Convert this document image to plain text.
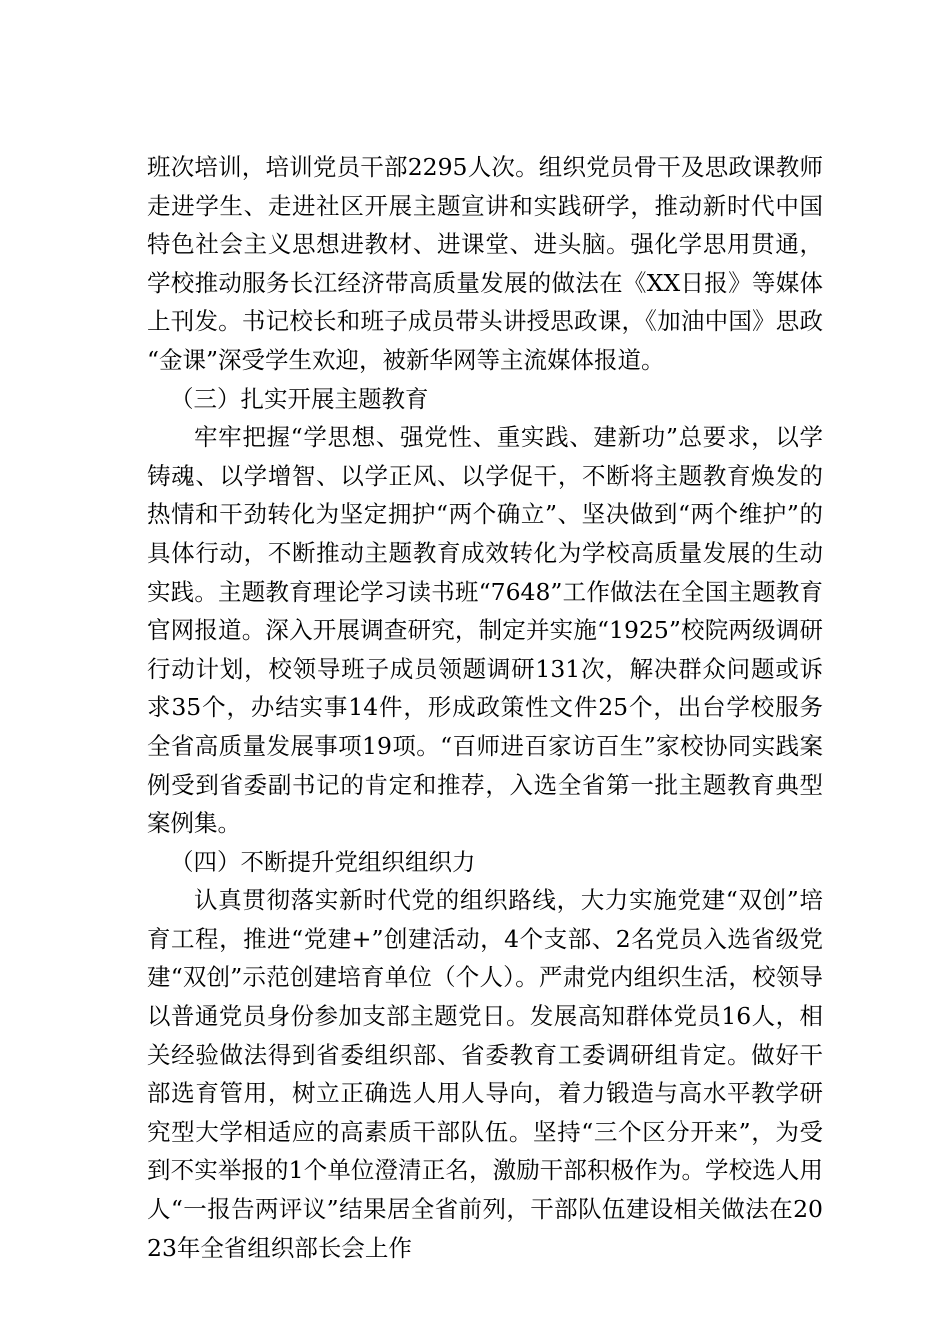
班次培训，培训党员干部2295人次。组织党员骨干及思政课教师走进学生、走进社区开展主题宣讲和实践研学，推动新时代中国特色社会主义思想进教材、进课堂、进头脑。强化学思用贯通，学校推动服务长江经济带高质量发展的做法在《XX日报》等媒体上刊发。书记校长和班子成员带头讲授思政课，《加油中国》思政“金课”深受学生欢迎，被新华网等主流媒体报道。

（三）扎实开展主题教育

牢牢把握“学思想、强党性、重实践、建新功”总要求，以学铸魂、以学增智、以学正风、以学促干，不断将主题教育焕发的热情和干劲转化为坚定拥护“两个确立”、坚决做到“两个维护”的具体行动，不断推动主题教育成效转化为学校高质量发展的生动实践。主题教育理论学习读书班“7648”工作做法在全国主题教育官网报道。深入开展调查研究，制定并实施“1925”校院两级调研行动计划，校领导班子成员领题调研131次，解决群众问题或诉求35个，办结实事14件，形成政策性文件25个，出台学校服务全省高质量发展事项19项。“百师进百家访百生”家校协同实践案例受到省委副书记的肯定和推荐，入选全省第一批主题教育典型案例集。

（四）不断提升党组织组织力

认真贯彻落实新时代党的组织路线，大力实施党建“双创”培育工程，推进“党建+”创建活动，4个支部、2名党员入选省级党建“双创”示范创建培育单位（个人）。严肃党内组织生活，校领导以普通党员身份参加支部主题党日。发展高知群体党员16人，相关经验做法得到省委组织部、省委教育工委调研组肯定。做好干部选育管用，树立正确选人用人导向，着力锻造与高水平教学研究型大学相适应的高素质干部队伍。坚持“三个区分开来”，为受到不实举报的1个单位澄清正名，激励干部积极作为。学校选人用人“一报告两评议”结果居全省前列，干部队伍建设相关做法在2023年全省组织部长会上作
